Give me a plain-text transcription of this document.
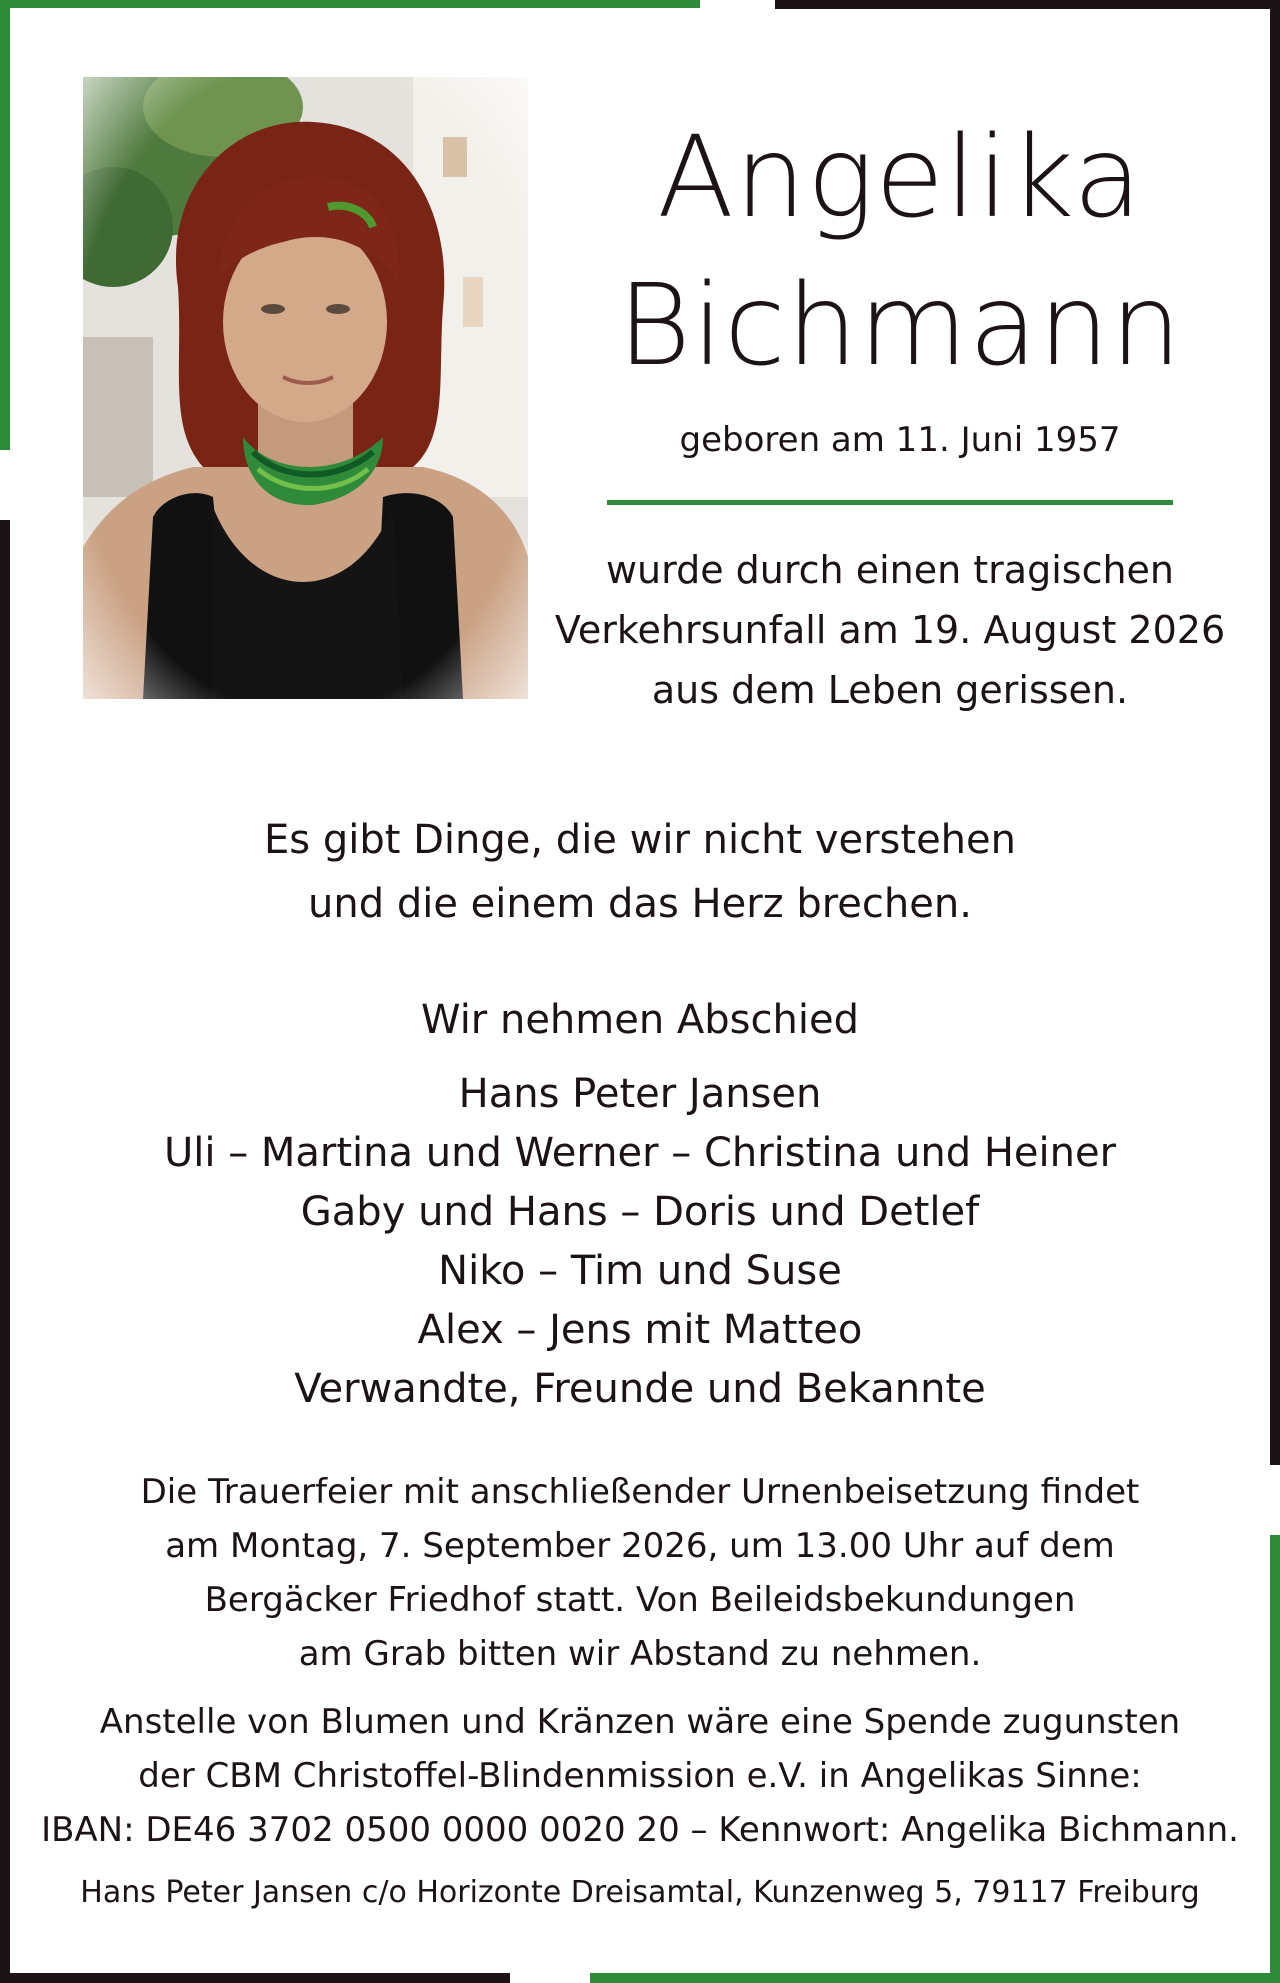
Angelika
Bichmann
geboren am 11. Juni 1957
wurde durch einen tragischen
Verkehrsunfall am 19. August 2026
aus dem Leben gerissen.
Es gibt Dinge, die wir nicht verstehen
und die einem das Herz brechen.
Wir nehmen Abschied
Hans Peter Jansen
Uli – Martina und Werner – Christina und Heiner
Gaby und Hans – Doris und Detlef
Niko – Tim und Suse
Alex – Jens mit Matteo
Verwandte, Freunde und Bekannte
Die Trauerfeier mit anschließender Urnenbeisetzung findet
am Montag, 7. September 2026, um 13.00 Uhr auf dem
Bergäcker Friedhof statt. Von Beileidsbekundungen
am Grab bitten wir Abstand zu nehmen.
Anstelle von Blumen und Kränzen wäre eine Spende zugunsten
der CBM Christoffel-Blindenmission e.V. in Angelikas Sinne:
IBAN: DE46 3702 0500 0000 0020 20 – Kennwort: Angelika Bichmann.
Hans Peter Jansen c/o Horizonte Dreisamtal, Kunzenweg 5, 79117 Freiburg
